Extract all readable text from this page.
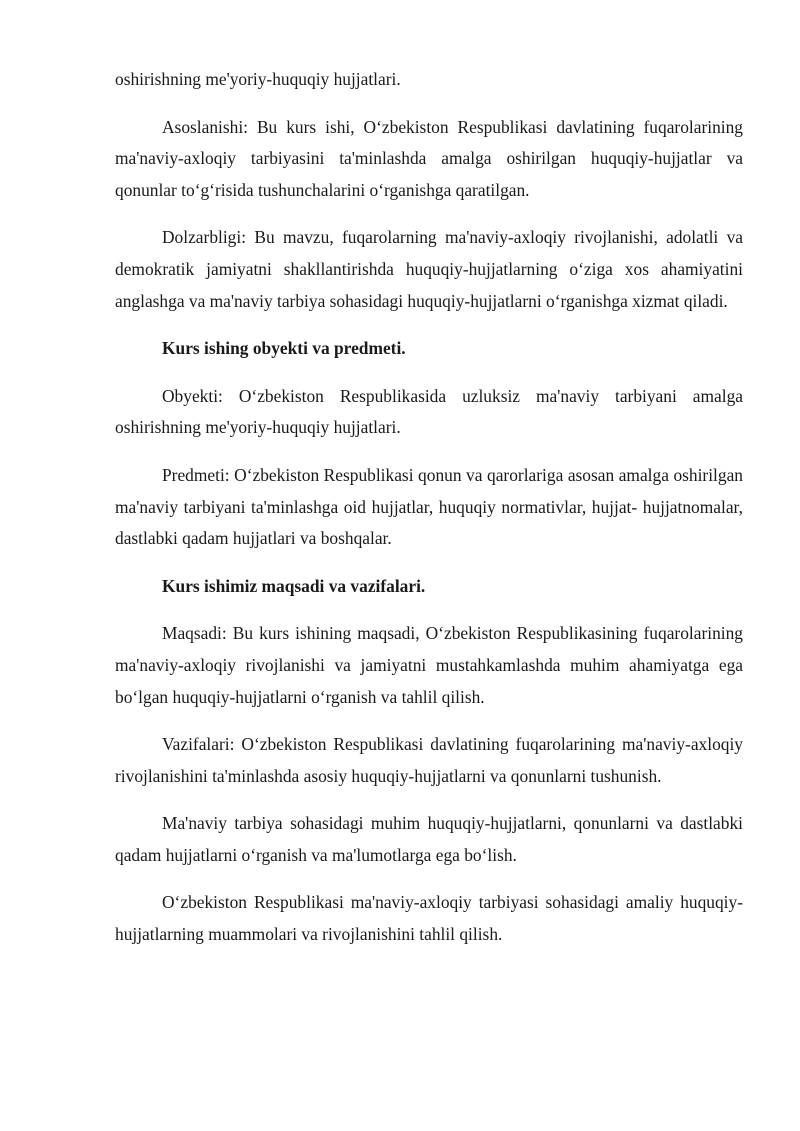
oshirishning me'yoriy-huquqiy hujjatlari.

Asoslanishi: Bu kurs ishi, O‘zbekiston Respublikasi davlatining fuqarolarining ma'naviy-axloqiy tarbiyasini ta'minlashda amalga oshirilgan huquqiy-hujjatlar va qonunlar to‘g‘risida tushunchalarini o‘rganishga qaratilgan.

Dolzarbligi: Bu mavzu, fuqarolarning ma'naviy-axloqiy rivojlanishi, adolatli va demokratik jamiyatni shakllantirishda huquqiy-hujjatlarning o‘ziga xos ahamiyatini anglashga va ma'naviy tarbiya sohasidagi huquqiy-hujjatlarni o‘rganishga xizmat qiladi.

Kurs ishing obyekti va predmeti.

Obyekti: O‘zbekiston Respublikasida uzluksiz ma'naviy tarbiyani amalga oshirishning me'yoriy-huquqiy hujjatlari.

Predmeti: O‘zbekiston Respublikasi qonun va qarorlariga asosan amalga oshirilgan ma'naviy tarbiyani ta'minlashga oid hujjatlar, huquqiy normativlar, hujjat- hujjatnomalar, dastlabki qadam hujjatlari va boshqalar.

Kurs ishimiz maqsadi va vazifalari.

Maqsadi: Bu kurs ishining maqsadi, O‘zbekiston Respublikasining fuqarolarining ma'naviy-axloqiy rivojlanishi va jamiyatni mustahkamlashda muhim ahamiyatga ega bo‘lgan huquqiy-hujjatlarni o‘rganish va tahlil qilish.

Vazifalari: O‘zbekiston Respublikasi davlatining fuqarolarining ma'naviy-axloqiy rivojlanishini ta'minlashda asosiy huquqiy-hujjatlarni va qonunlarni tushunish.

Ma'naviy tarbiya sohasidagi muhim huquqiy-hujjatlarni, qonunlarni va dastlabki qadam hujjatlarni o‘rganish va ma'lumotlarga ega bo‘lish.

O‘zbekiston Respublikasi ma'naviy-axloqiy tarbiyasi sohasidagi amaliy huquqiy-hujjatlarning muammolari va rivojlanishini tahlil qilish.
